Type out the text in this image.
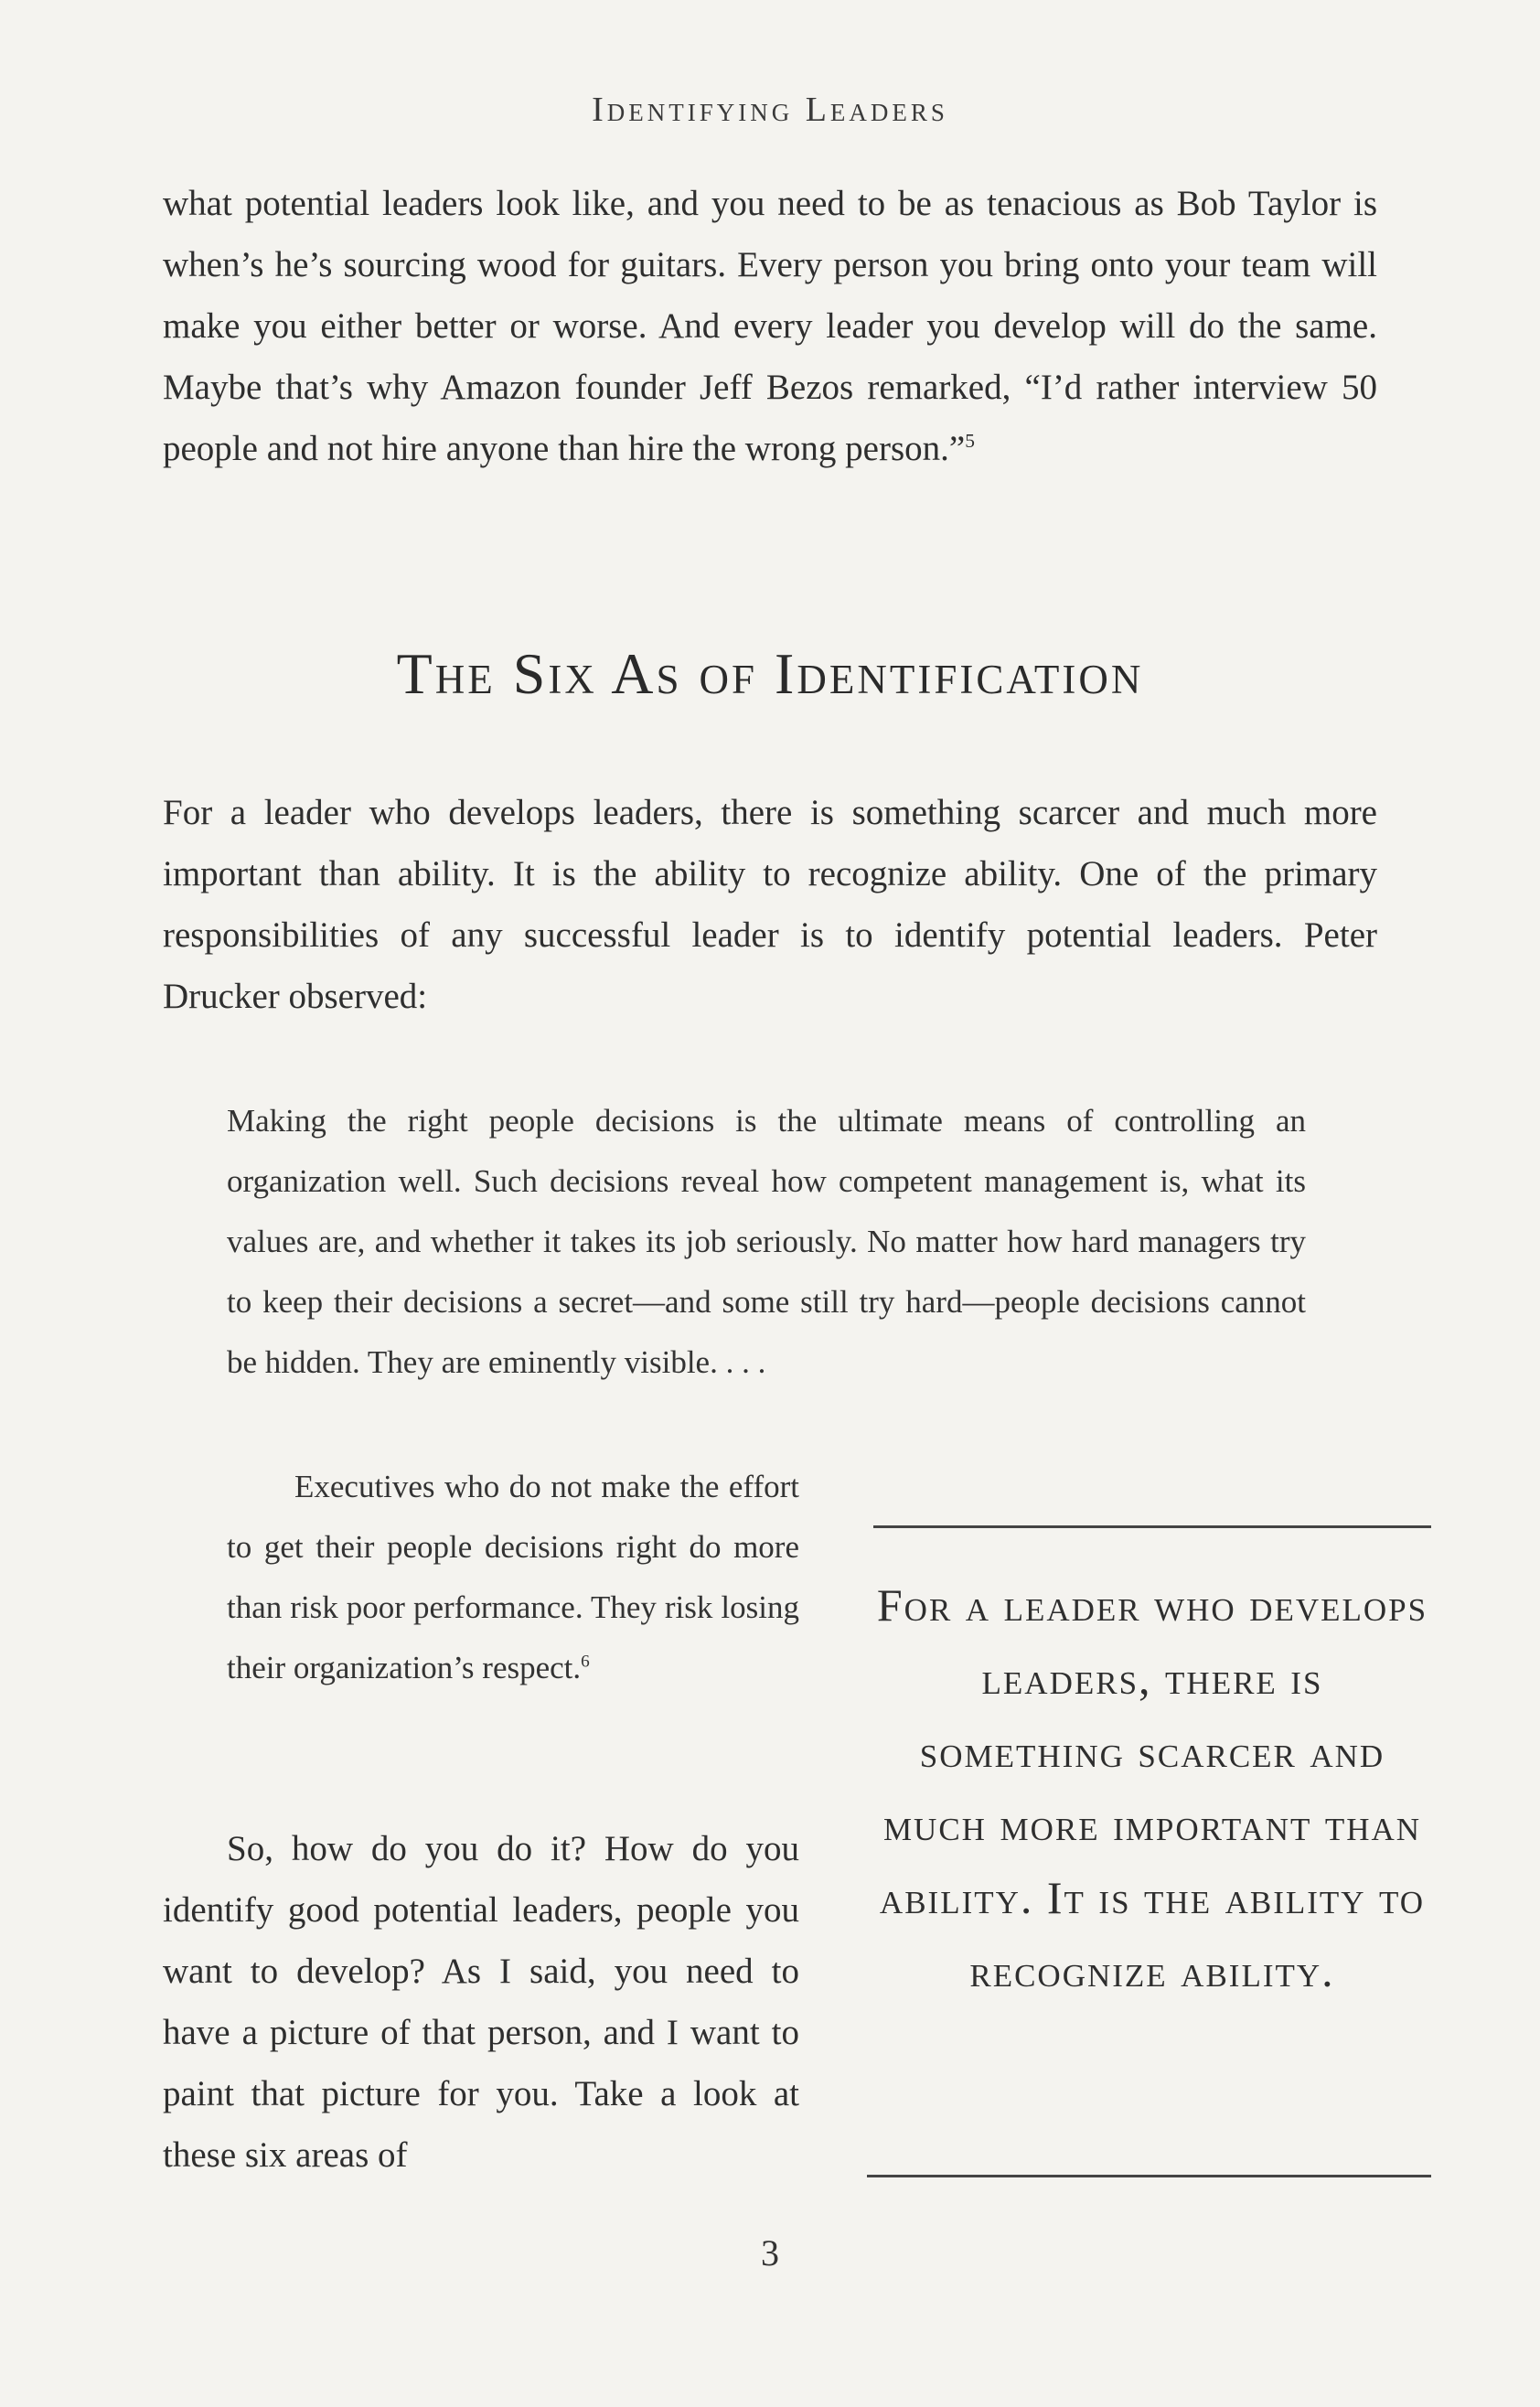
Identifying Leaders

what potential leaders look like, and you need to be as tenacious as Bob Taylor is when’s he’s sourcing wood for guitars. Every person you bring onto your team will make you either better or worse. And every leader you develop will do the same. Maybe that’s why Amazon founder Jeff Bezos remarked, “I’d rather interview 50 people and not hire anyone than hire the wrong person.”$^5$

The Six As of Identification

For a leader who develops leaders, there is something scarcer and much more important than ability. It is the ability to recognize ability. One of the primary responsibilities of any successful leader is to identify potential leaders. Peter Drucker observed:

Making the right people decisions is the ultimate means of controlling an organization well. Such decisions reveal how competent management is, what its values are, and whether it takes its job seriously. No matter how hard managers try to keep their decisions a secret—and some still try hard—people decisions cannot be hidden. They are eminently visible. . . .

Executives who do not make the effort to get their people decisions right do more than risk poor performance. They risk losing their organization’s respect.$^6$

So, how do you do it? How do you identify good potential leaders, people you want to develop? As I said, you need to have a picture of that person, and I want to paint that picture for you. Take a look at these six areas of

For a leader who develops leaders, there is something scarcer and much more important than ability. It is the ability to recognize ability.

3
